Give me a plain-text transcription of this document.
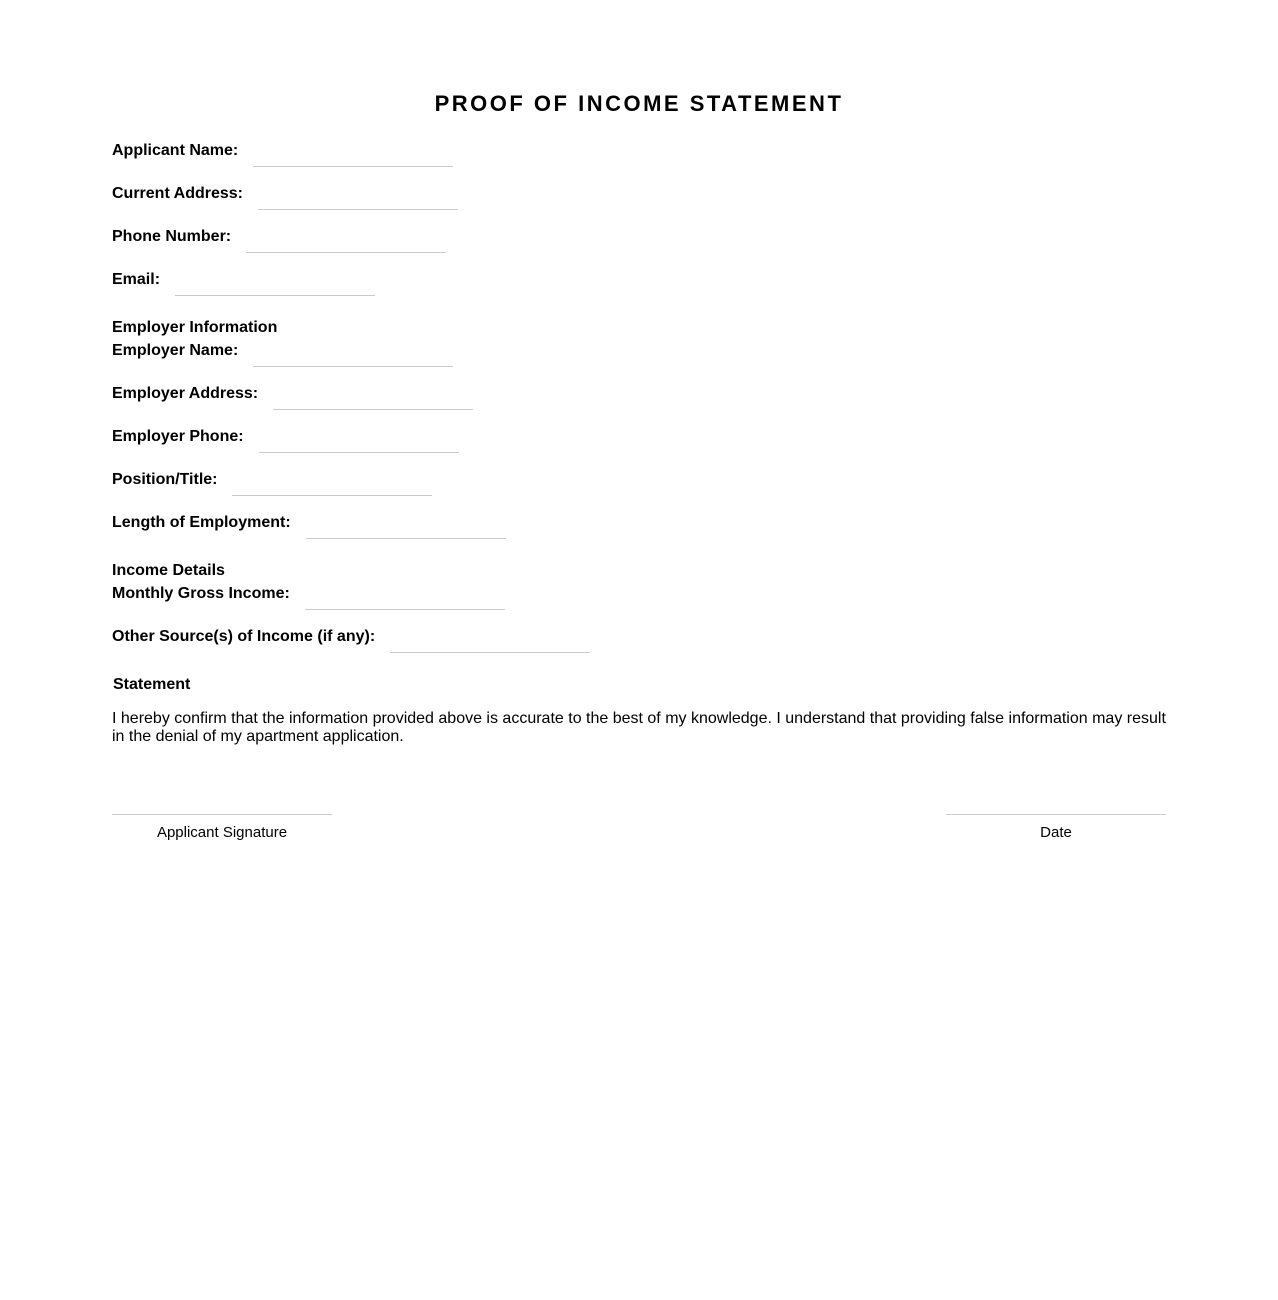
PROOF OF INCOME STATEMENT
Applicant Name:
Current Address:
Phone Number:
Email:
Employer Information
Employer Name:
Employer Address:
Employer Phone:
Position/Title:
Length of Employment:
Income Details
Monthly Gross Income:
Other Source(s) of Income (if any):
Statement
I hereby confirm that the information provided above is accurate to the best of my knowledge. I understand that providing false information may result in the denial of my apartment application.
Applicant Signature	Date
